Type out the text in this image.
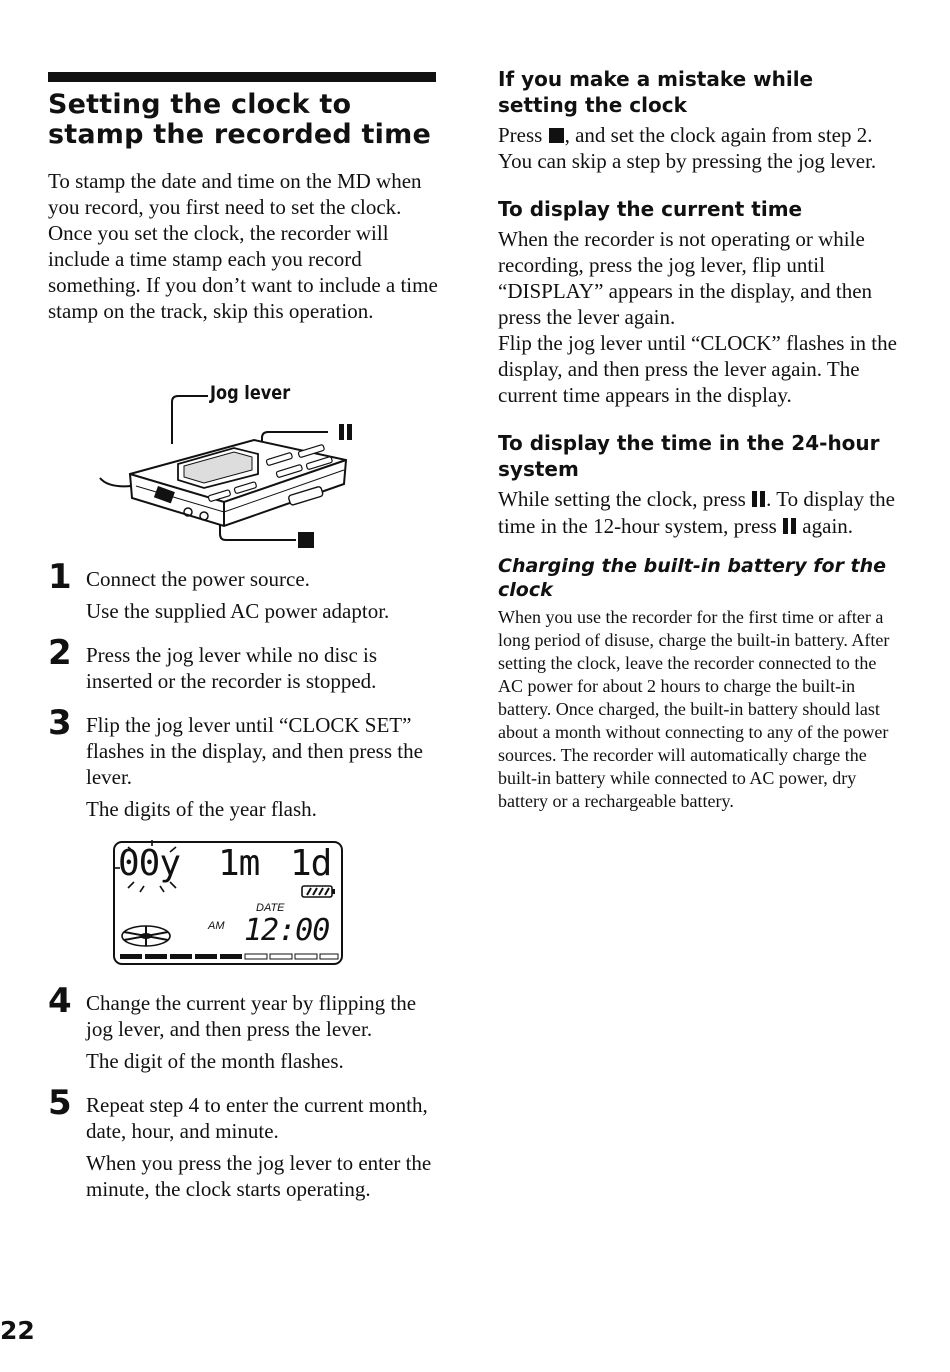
Setting the clock to stamp the recorded time

To stamp the date and time on the MD when you record, you first need to set the clock.

Once you set the clock, the recorder will include a time stamp each you record something. If you don’t want to include a time stamp on the track, skip this operation.

Jog lever
1 Connect the power source.

Use the supplied AC power adaptor.

2 Press the jog lever while no disc is inserted or the recorder is stopped.

3 Flip the jog lever until “CLOCK SET” flashes in the display, and then press the lever.

The digits of the year flash.

00y 1m 1d
DATE
AM 12:00
4 Change the current year by flipping the jog lever, and then press the lever.

The digit of the month flashes.

5 Repeat step 4 to enter the current month, date, hour, and minute.

When you press the jog lever to enter the minute, the clock starts operating.

If you make a mistake while setting the clock

Press , and set the clock again from step 2. You can skip a step by pressing the jog lever.

To display the current time

When the recorder is not operating or while recording, press the jog lever, flip until “DISPLAY” appears in the display, and then press the lever again.

Flip the jog lever until “CLOCK” flashes in the display, and then press the lever again. The current time appears in the display.

To display the time in the 24-hour system

While setting the clock, press . To display the time in the 12-hour system, press  again.

Charging the built-in battery for the clock

When you use the recorder for the first time or after a long period of disuse, charge the built-in battery. After setting the clock, leave the recorder connected to the AC power for about 2 hours to charge the built-in battery. Once charged, the built-in battery should last about a month without connecting to any of the power sources. The recorder will automatically charge the built-in battery while connected to AC power, dry battery or a rechargeable battery.

22
